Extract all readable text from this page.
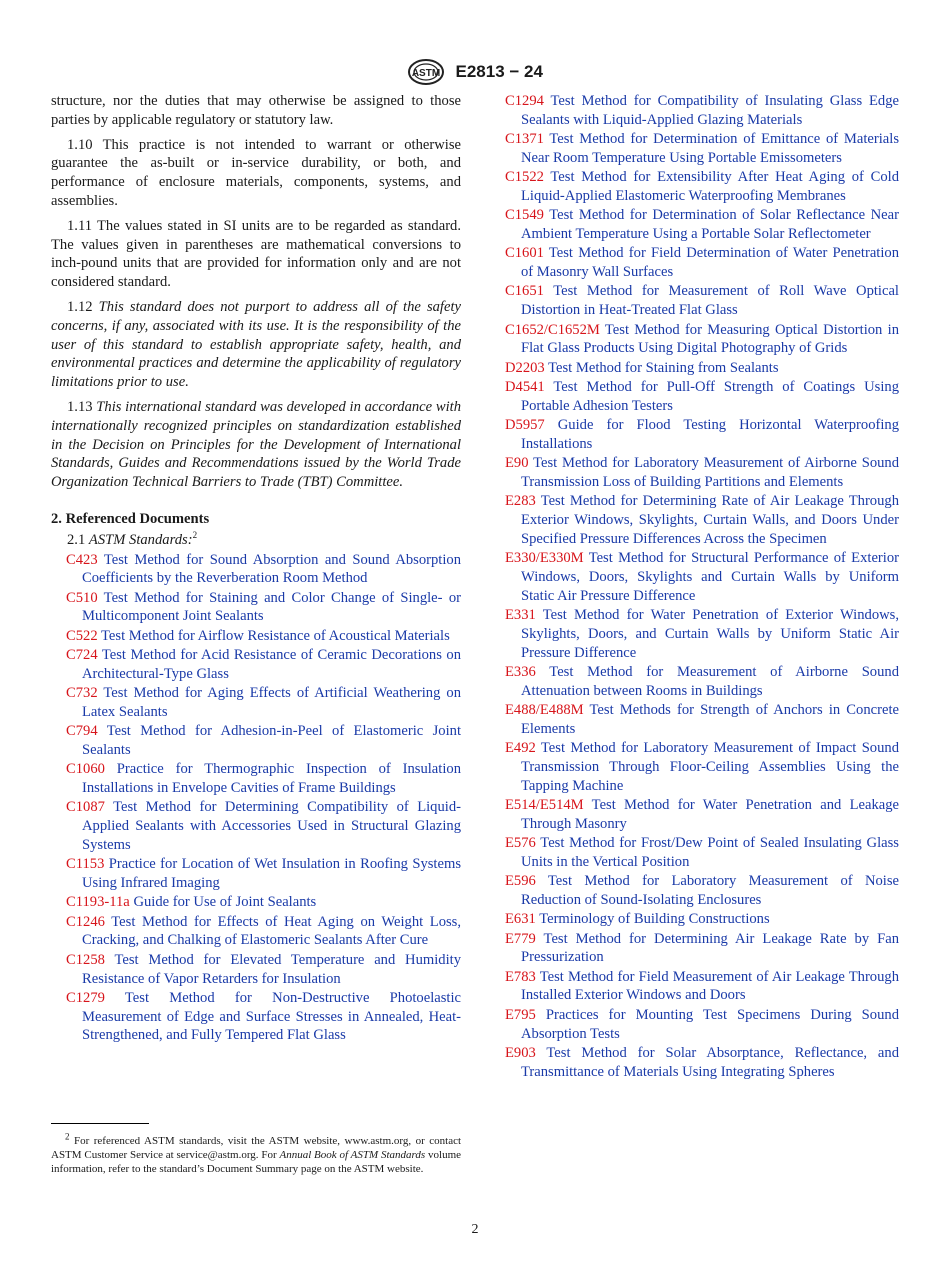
ASTM E2813 − 24

structure, nor the duties that may otherwise be assigned to those parties by applicable regulatory or statutory law.

1.10 This practice is not intended to warrant or otherwise guarantee the as-built or in-service durability, or both, and performance of enclosure materials, components, systems, and assemblies.

1.11 The values stated in SI units are to be regarded as standard. The values given in parentheses are mathematical conversions to inch-pound units that are provided for information only and are not considered standard.

1.12 This standard does not purport to address all of the safety concerns, if any, associated with its use. It is the responsibility of the user of this standard to establish appropriate safety, health, and environmental practices and determine the applicability of regulatory limitations prior to use.

1.13 This international standard was developed in accordance with internationally recognized principles on standardization established in the Decision on Principles for the Development of International Standards, Guides and Recommendations issued by the World Trade Organization Technical Barriers to Trade (TBT) Committee.

2. Referenced Documents

2.1 ASTM Standards:$^2$

C423 Test Method for Sound Absorption and Sound Absorption Coefficients by the Reverberation Room Method

C510 Test Method for Staining and Color Change of Single- or Multicomponent Joint Sealants

C522 Test Method for Airflow Resistance of Acoustical Materials

C724 Test Method for Acid Resistance of Ceramic Decorations on Architectural-Type Glass

C732 Test Method for Aging Effects of Artificial Weathering on Latex Sealants

C794 Test Method for Adhesion-in-Peel of Elastomeric Joint Sealants

C1060 Practice for Thermographic Inspection of Insulation Installations in Envelope Cavities of Frame Buildings

C1087 Test Method for Determining Compatibility of Liquid-Applied Sealants with Accessories Used in Structural Glazing Systems

C1153 Practice for Location of Wet Insulation in Roofing Systems Using Infrared Imaging

C1193-11a Guide for Use of Joint Sealants

C1246 Test Method for Effects of Heat Aging on Weight Loss, Cracking, and Chalking of Elastomeric Sealants After Cure

C1258 Test Method for Elevated Temperature and Humidity Resistance of Vapor Retarders for Insulation

C1279 Test Method for Non-Destructive Photoelastic Measurement of Edge and Surface Stresses in Annealed, Heat-Strengthened, and Fully Tempered Flat Glass

C1294 Test Method for Compatibility of Insulating Glass Edge Sealants with Liquid-Applied Glazing Materials

C1371 Test Method for Determination of Emittance of Materials Near Room Temperature Using Portable Emissometers

C1522 Test Method for Extensibility After Heat Aging of Cold Liquid-Applied Elastomeric Waterproofing Membranes

C1549 Test Method for Determination of Solar Reflectance Near Ambient Temperature Using a Portable Solar Reflectometer

C1601 Test Method for Field Determination of Water Penetration of Masonry Wall Surfaces

C1651 Test Method for Measurement of Roll Wave Optical Distortion in Heat-Treated Flat Glass

C1652/C1652M Test Method for Measuring Optical Distortion in Flat Glass Products Using Digital Photography of Grids

D2203 Test Method for Staining from Sealants

D4541 Test Method for Pull-Off Strength of Coatings Using Portable Adhesion Testers

D5957 Guide for Flood Testing Horizontal Waterproofing Installations

E90 Test Method for Laboratory Measurement of Airborne Sound Transmission Loss of Building Partitions and Elements

E283 Test Method for Determining Rate of Air Leakage Through Exterior Windows, Skylights, Curtain Walls, and Doors Under Specified Pressure Differences Across the Specimen

E330/E330M Test Method for Structural Performance of Exterior Windows, Doors, Skylights and Curtain Walls by Uniform Static Air Pressure Difference

E331 Test Method for Water Penetration of Exterior Windows, Skylights, Doors, and Curtain Walls by Uniform Static Air Pressure Difference

E336 Test Method for Measurement of Airborne Sound Attenuation between Rooms in Buildings

E488/E488M Test Methods for Strength of Anchors in Concrete Elements

E492 Test Method for Laboratory Measurement of Impact Sound Transmission Through Floor-Ceiling Assemblies Using the Tapping Machine

E514/E514M Test Method for Water Penetration and Leakage Through Masonry

E576 Test Method for Frost/Dew Point of Sealed Insulating Glass Units in the Vertical Position

E596 Test Method for Laboratory Measurement of Noise Reduction of Sound-Isolating Enclosures

E631 Terminology of Building Constructions

E779 Test Method for Determining Air Leakage Rate by Fan Pressurization

E783 Test Method for Field Measurement of Air Leakage Through Installed Exterior Windows and Doors

E795 Practices for Mounting Test Specimens During Sound Absorption Tests

E903 Test Method for Solar Absorptance, Reflectance, and Transmittance of Materials Using Integrating Spheres

$^2$ For referenced ASTM standards, visit the ASTM website, www.astm.org, or contact ASTM Customer Service at service@astm.org. For Annual Book of ASTM Standards volume information, refer to the standard’s Document Summary page on the ASTM website.
2
